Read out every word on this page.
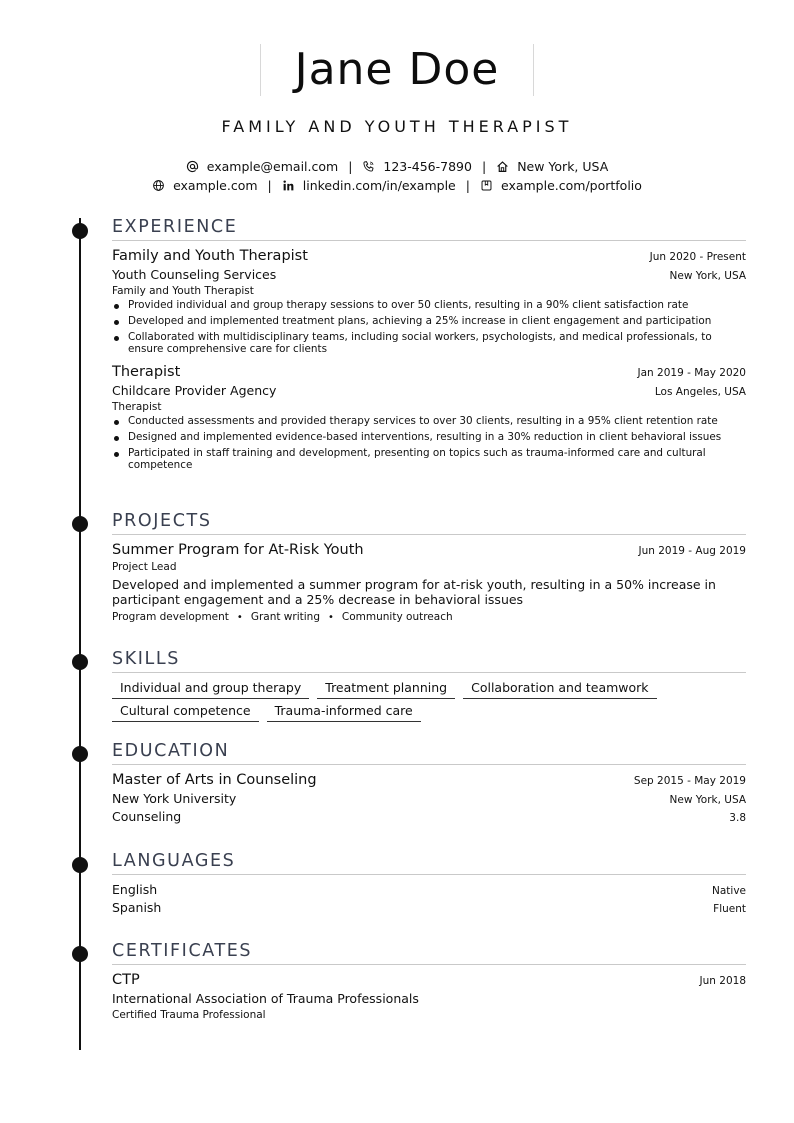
Jane Doe
FAMILY AND YOUTH THERAPIST
example@email.com | 123-456-7890 | New York, USA
example.com | linkedin.com/in/example | example.com/portfolio
EXPERIENCE
Family and Youth Therapist	Jun 2020 - Present
Youth Counseling Services	New York, USA
Family and Youth Therapist
Provided individual and group therapy sessions to over 50 clients, resulting in a 90% client satisfaction rate
Developed and implemented treatment plans, achieving a 25% increase in client engagement and participation
Collaborated with multidisciplinary teams, including social workers, psychologists, and medical professionals, to ensure comprehensive care for clients
Therapist	Jan 2019 - May 2020
Childcare Provider Agency	Los Angeles, USA
Therapist
Conducted assessments and provided therapy services to over 30 clients, resulting in a 95% client retention rate
Designed and implemented evidence-based interventions, resulting in a 30% reduction in client behavioral issues
Participated in staff training and development, presenting on topics such as trauma-informed care and cultural competence
PROJECTS
Summer Program for At-Risk Youth	Jun 2019 - Aug 2019
Project Lead
Developed and implemented a summer program for at-risk youth, resulting in a 50% increase in participant engagement and a 25% decrease in behavioral issues
Program development • Grant writing • Community outreach
SKILLS
Individual and group therapy	Treatment planning	Collaboration and teamwork
Cultural competence	Trauma-informed care
EDUCATION
Master of Arts in Counseling	Sep 2015 - May 2019
New York University	New York, USA
Counseling	3.8
LANGUAGES
English	Native
Spanish	Fluent
CERTIFICATES
CTP	Jun 2018
International Association of Trauma Professionals
Certified Trauma Professional
